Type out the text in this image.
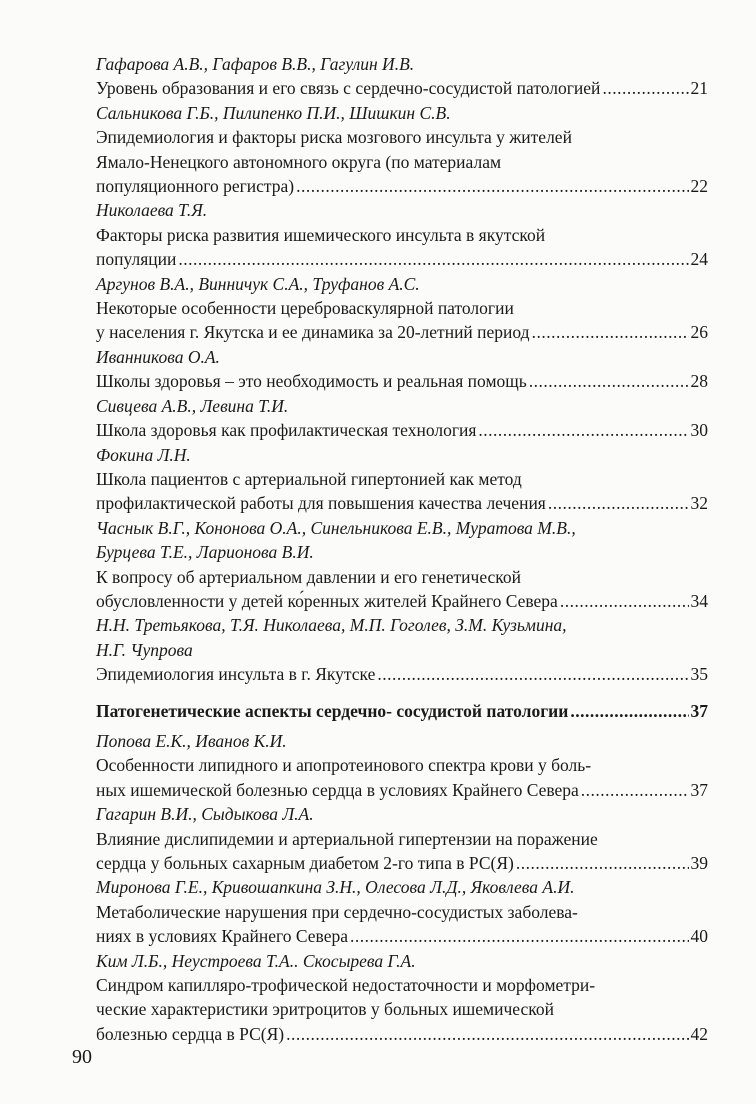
Гафарова А.В., Гафаров В.В., Гагулин И.В.
Уровень образования и его связь с сердечно-сосудистой патологией .....	21
Сальникова Г.Б., Пилипенко П.И., Шишкин С.В.
Эпидемиология и факторы риска мозгового инсульта у жителей
Ямало-Ненецкого автономного округа (по материалам
популяционного регистра) .....	22
Николаева Т.Я.
Факторы риска развития ишемического инсульта в якутской
популяции .....	24
Аргунов В.А., Винничук С.А., Труфанов А.С.
Некоторые особенности цереброваскулярной патологии
у населения г. Якутска и ее динамика за 20-летний период .....	26
Иванникова О.А.
Школы здоровья – это необходимость и реальная помощь .....	28
Сивцева А.В., Левина Т.И.
Школа здоровья как профилактическая технология .....	30
Фокина Л.Н.
Школа пациентов с артериальной гипертонией как метод
профилактической работы для повышения качества лечения .....	32
Часнык В.Г., Кононова О.А., Синельникова Е.В., Муратова М.В.,
Бурцева Т.Е., Ларионова В.И.
К вопросу об артериальном давлении и его генетической
обусловленности у детей ко́ренных жителей Крайнего Севера .....	34
Н.Н. Третьякова, Т.Я. Николаева, М.П. Гоголев, З.М. Кузьмина,
Н.Г. Чупрова
Эпидемиология инсульта в г. Якутске .....	35
Патогенетические аспекты сердечно- сосудистой патологии .....	37
Попова Е.К., Иванов К.И.
Особенности липидного и апопротеинового спектра крови у боль-
ных ишемической болезнью сердца в условиях Крайнего Севера .....	37
Гагарин В.И., Сыдыкова Л.А.
Влияние дислипидемии и артериальной гипертензии на поражение
сердца у больных сахарным диабетом 2-го типа в РС(Я) .....	39
Миронова Г.Е., Кривошапкина З.Н., Олесова Л.Д., Яковлева А.И.
Метаболические нарушения при сердечно-сосудистых заболева-
ниях в условиях Крайнего Севера .....	40
Ким Л.Б., Неустроева Т.А.. Скосырева Г.А.
Синдром капилляро-трофической недостаточности и морфометри-
ческие характеристики эритроцитов у больных ишемической
болезнью сердца в РС(Я) .....	42
90
